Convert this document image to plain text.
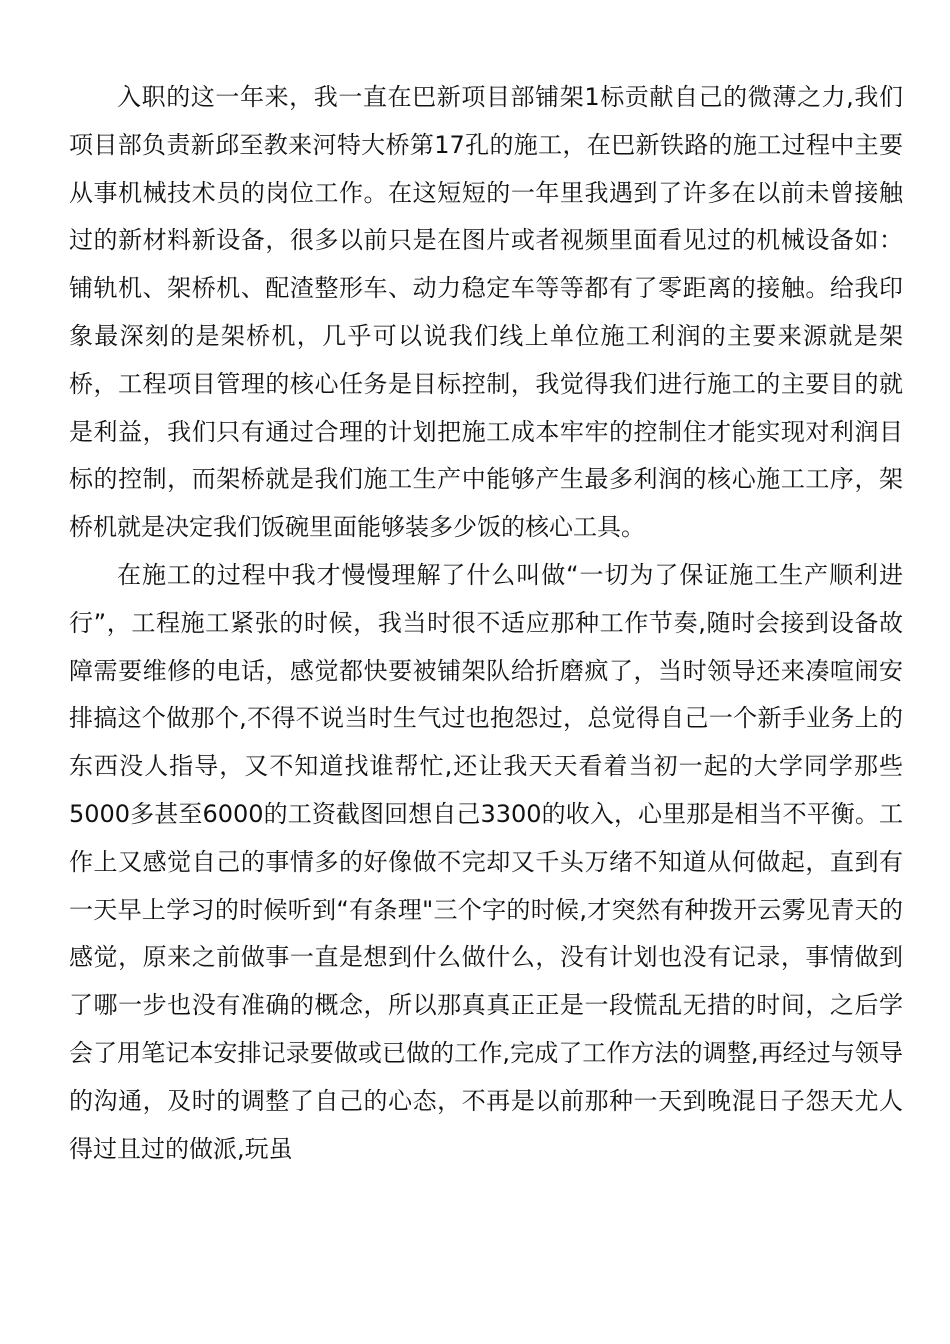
入职的这一年来，我一直在巴新项目部铺架1标贡献自己的微薄之力,我们项目部负责新邱至教来河特大桥第17孔的施工，在巴新铁路的施工过程中主要从事机械技术员的岗位工作。在这短短的一年里我遇到了许多在以前未曾接触过的新材料新设备，很多以前只是在图片或者视频里面看见过的机械设备如：铺轨机、架桥机、配渣整形车、动力稳定车等等都有了零距离的接触。给我印象最深刻的是架桥机，几乎可以说我们线上单位施工利润的主要来源就是架桥，工程项目管理的核心任务是目标控制，我觉得我们进行施工的主要目的就是利益，我们只有通过合理的计划把施工成本牢牢的控制住才能实现对利润目标的控制，而架桥就是我们施工生产中能够产生最多利润的核心施工工序，架桥机就是决定我们饭碗里面能够装多少饭的核心工具。

在施工的过程中我才慢慢理解了什么叫做“一切为了保证施工生产顺利进行”，工程施工紧张的时候，我当时很不适应那种工作节奏,随时会接到设备故障需要维修的电话，感觉都快要被铺架队给折磨疯了，当时领导还来凑喧闹安排搞这个做那个,不得不说当时生气过也抱怨过，总觉得自己一个新手业务上的东西没人指导，又不知道找谁帮忙,还让我天天看着当初一起的大学同学那些5000多甚至6000的工资截图回想自己3300的收入，心里那是相当不平衡。工作上又感觉自己的事情多的好像做不完却又千头万绪不知道从何做起，直到有一天早上学习的时候听到“有条理"三个字的时候,才突然有种拨开云雾见青天的感觉，原来之前做事一直是想到什么做什么，没有计划也没有记录，事情做到了哪一步也没有准确的概念，所以那真真正正是一段慌乱无措的时间，之后学会了用笔记本安排记录要做或已做的工作,完成了工作方法的调整,再经过与领导的沟通，及时的调整了自己的心态，不再是以前那种一天到晚混日子怨天尤人得过且过的做派,玩虽
